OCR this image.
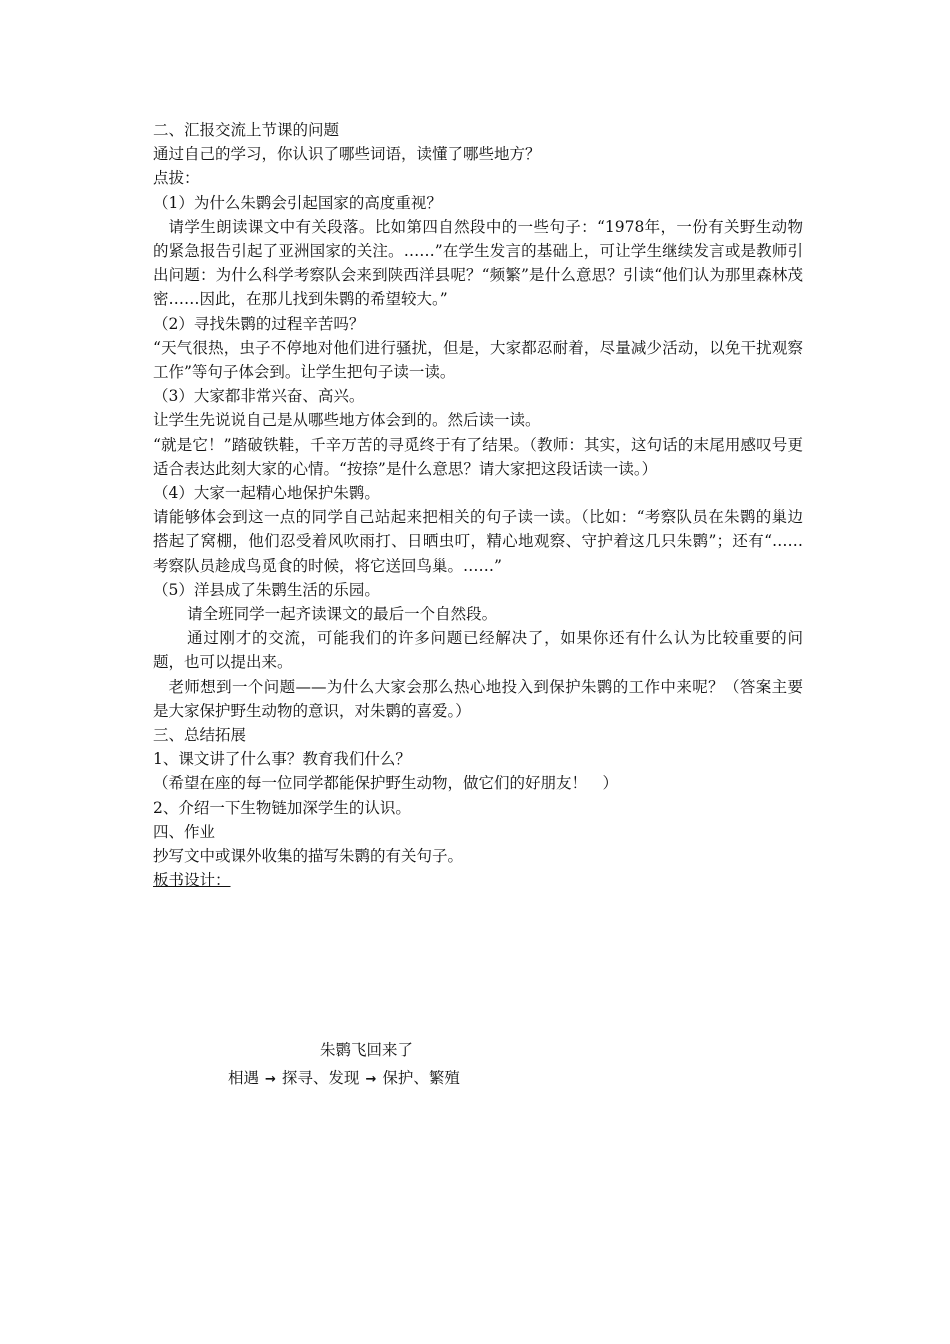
二、汇报交流上节课的问题

通过自己的学习，你认识了哪些词语，读懂了哪些地方？

点拔：

（1）为什么朱鹮会引起国家的高度重视？

请学生朗读课文中有关段落。比如第四自然段中的一些句子：“1978年，一份有关野生动物的紧急报告引起了亚洲国家的关注。……”在学生发言的基础上，可让学生继续发言或是教师引出问题：为什么科学考察队会来到陕西洋县呢？“频繁”是什么意思？引读“他们认为那里森林茂密……因此，在那儿找到朱鹮的希望较大。”

（2）寻找朱鹮的过程辛苦吗？

“天气很热，虫子不停地对他们进行骚扰，但是，大家都忍耐着，尽量减少活动，以免干扰观察工作”等句子体会到。让学生把句子读一读。

（3）大家都非常兴奋、高兴。

让学生先说说自己是从哪些地方体会到的。然后读一读。

“就是它！”踏破铁鞋，千辛万苦的寻觅终于有了结果。（教师：其实，这句话的末尾用感叹号更适合表达此刻大家的心情。“按捺”是什么意思？请大家把这段话读一读。）

（4）大家一起精心地保护朱鹮。

请能够体会到这一点的同学自己站起来把相关的句子读一读。（比如：“考察队员在朱鹮的巢边搭起了窝棚，他们忍受着风吹雨打、日晒虫叮，精心地观察、守护着这几只朱鹮”；还有“……考察队员趁成鸟觅食的时候，将它送回鸟巢。……”

（5）洋县成了朱鹮生活的乐园。

请全班同学一起齐读课文的最后一个自然段。

通过刚才的交流，可能我们的许多问题已经解决了，如果你还有什么认为比较重要的问题，也可以提出来。

老师想到一个问题——为什么大家会那么热心地投入到保护朱鹮的工作中来呢？（答案主要是大家保护野生动物的意识，对朱鹮的喜爱。）

三、总结拓展

1、课文讲了什么事？教育我们什么？

（希望在座的每一位同学都能保护野生动物，做它们的好朋友！　）

2、介绍一下生物链加深学生的认识。

四、作业

抄写文中或课外收集的描写朱鹮的有关句子。

板书设计：

朱鹮飞回来了
相遇 → 探寻、发现 → 保护、繁殖
